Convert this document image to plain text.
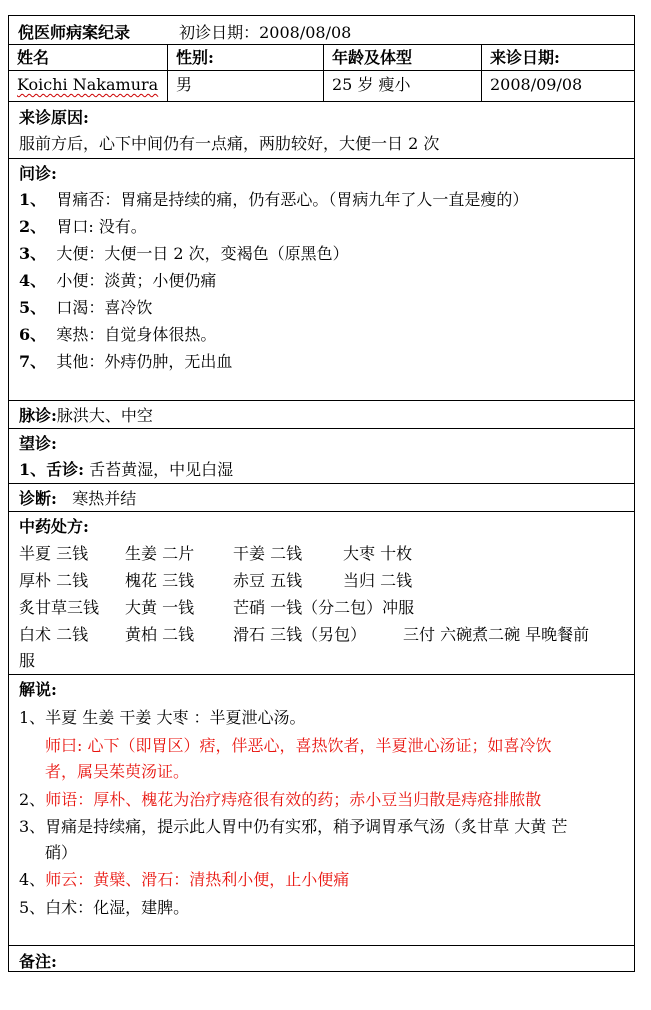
姓名	性别:	年龄及体型	来诊日期:
Koichi Nakamura	男	25 岁 瘦小	2008/09/08
来诊原因:
服前方后，心下中间仍有一点痛，两肋较好，大便一日 2 次
问诊:
1、 胃痛否：胃痛是持续的痛，仍有恶心。（胃病九年了人一直是瘦的）
2、 胃口: 没有。
3、 大便：大便一日 2 次，变褐色（原黑色）
4、 小便：淡黄；小便仍痛
5、 口渴：喜冷饮
6、 寒热：自觉身体很热。
7、 其他：外痔仍肿，无出血
脉诊:脉洪大、中空
望诊:
1、舌诊: 舌苔黄湿，中见白湿
诊断: 寒热并结
中药处方:
半夏 三钱 生姜 二片 干姜 二钱	大枣 十枚
厚朴 二钱 槐花 三钱 赤豆 五钱	当归 二钱
炙甘草三钱 大黄 一钱 芒硝 一钱（分二包）冲服
白术 二钱 黄柏 二钱 滑石 三钱（另包） 三付 六碗煮二碗 早晚餐前
服
解说:
1、半夏 生姜 干姜 大枣 ：半夏泄心汤。
师曰: 心下（即胃区）痞，伴恶心，喜热饮者，半夏泄心汤证；如喜冷饮
者，属吴茱萸汤证。
2、师语：厚朴、槐花为治疗痔疮很有效的药；赤小豆当归散是痔疮排脓散
3、胃痛是持续痛，提示此人胃中仍有实邪，稍予调胃承气汤（炙甘草 大黄 芒
硝）
4、师云：黄檗、滑石：清热利小便，止小便痛
5、白术：化湿，建脾。
备注:
倪医师病案纪录	初诊日期：2008/08/08
